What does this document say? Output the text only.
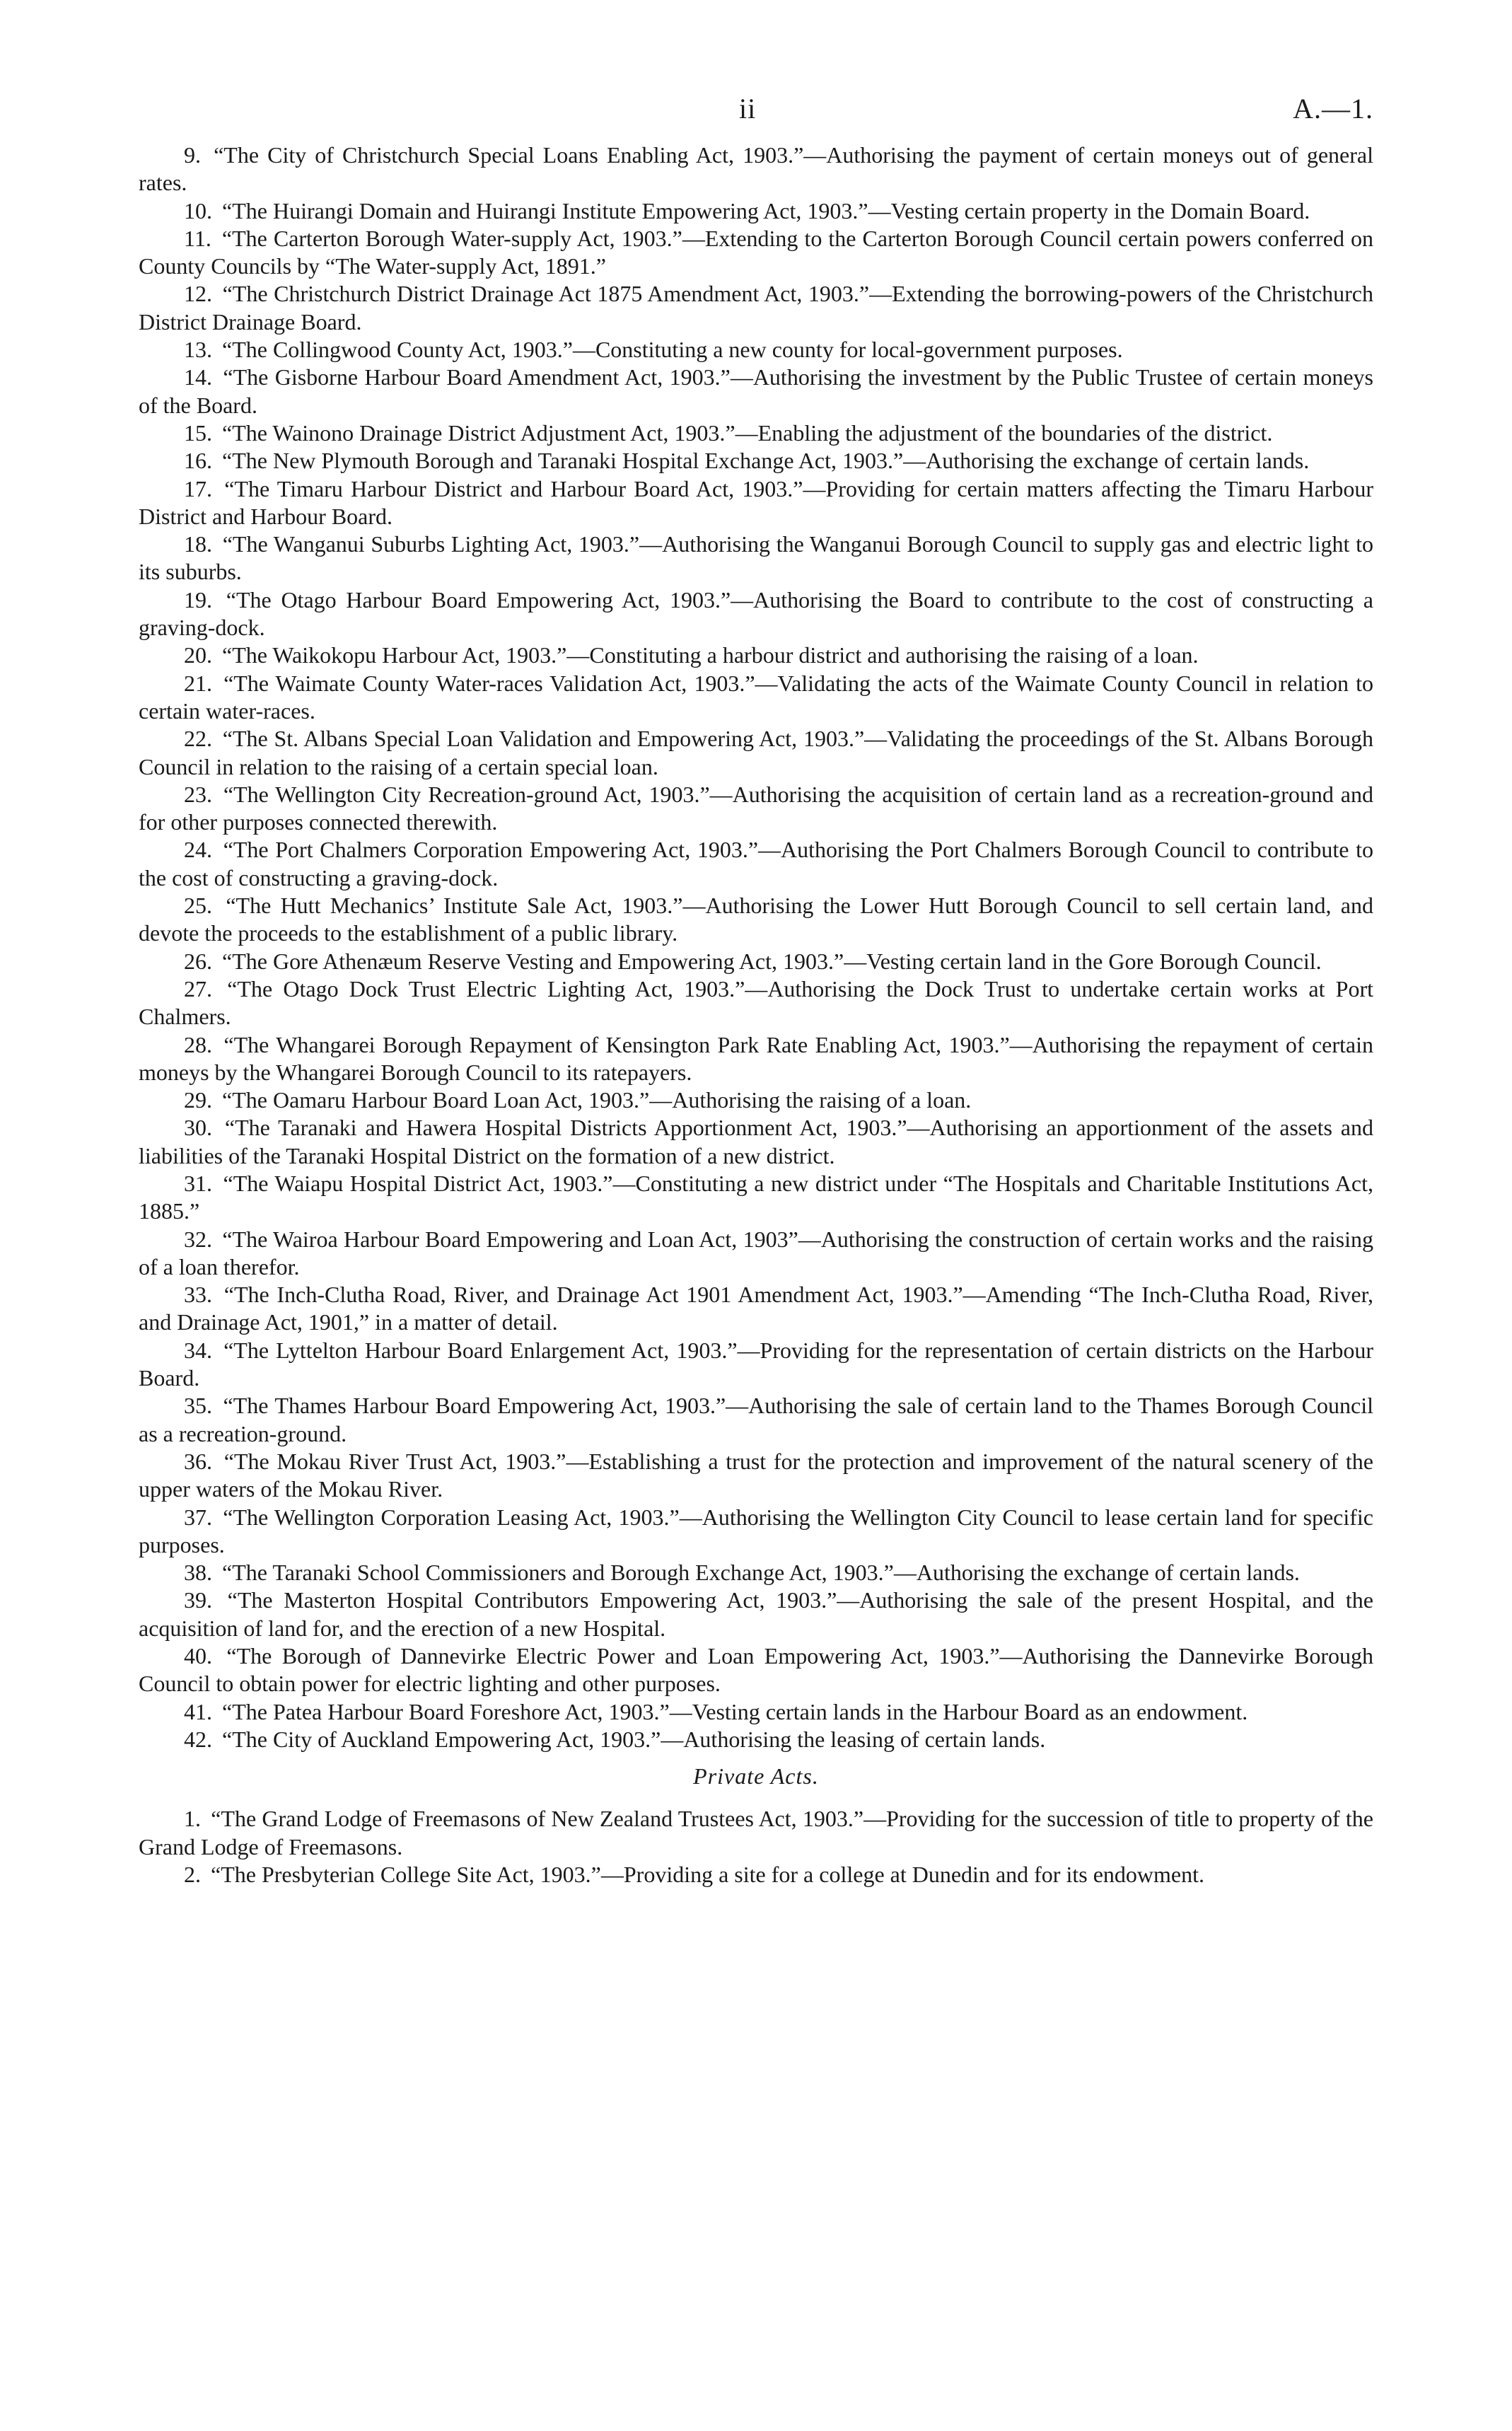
ii	A.—1.

9. “The City of Christchurch Special Loans Enabling Act, 1903.”—Authorising the payment of certain moneys out of general rates.

10. “The Huirangi Domain and Huirangi Institute Empowering Act, 1903.”—Vesting certain property in the Domain Board.

11. “The Carterton Borough Water-supply Act, 1903.”—Extending to the Carterton Borough Council certain powers conferred on County Councils by “The Water-supply Act, 1891.”

12. “The Christchurch District Drainage Act 1875 Amendment Act, 1903.”—Extending the borrowing-powers of the Christchurch District Drainage Board.

13. “The Collingwood County Act, 1903.”—Constituting a new county for local-government purposes.

14. “The Gisborne Harbour Board Amendment Act, 1903.”—Authorising the investment by the Public Trustee of certain moneys of the Board.

15. “The Wainono Drainage District Adjustment Act, 1903.”—Enabling the adjustment of the boundaries of the district.

16. “The New Plymouth Borough and Taranaki Hospital Exchange Act, 1903.”—Authorising the exchange of certain lands.

17. “The Timaru Harbour District and Harbour Board Act, 1903.”—Providing for certain matters affecting the Timaru Harbour District and Harbour Board.

18. “The Wanganui Suburbs Lighting Act, 1903.”—Authorising the Wanganui Borough Council to supply gas and electric light to its suburbs.

19. “The Otago Harbour Board Empowering Act, 1903.”—Authorising the Board to contribute to the cost of constructing a graving-dock.

20. “The Waikokopu Harbour Act, 1903.”—Constituting a harbour district and authorising the raising of a loan.

21. “The Waimate County Water-races Validation Act, 1903.”—Validating the acts of the Waimate County Council in relation to certain water-races.

22. “The St. Albans Special Loan Validation and Empowering Act, 1903.”—Validating the proceedings of the St. Albans Borough Council in relation to the raising of a certain special loan.

23. “The Wellington City Recreation-ground Act, 1903.”—Authorising the acquisition of certain land as a recreation-ground and for other purposes connected therewith.

24. “The Port Chalmers Corporation Empowering Act, 1903.”—Authorising the Port Chalmers Borough Council to contribute to the cost of constructing a graving-dock.

25. “The Hutt Mechanics’ Institute Sale Act, 1903.”—Authorising the Lower Hutt Borough Council to sell certain land, and devote the proceeds to the establishment of a public library.

26. “The Gore Athenæum Reserve Vesting and Empowering Act, 1903.”—Vesting certain land in the Gore Borough Council.

27. “The Otago Dock Trust Electric Lighting Act, 1903.”—Authorising the Dock Trust to undertake certain works at Port Chalmers.

28. “The Whangarei Borough Repayment of Kensington Park Rate Enabling Act, 1903.”—Authorising the repayment of certain moneys by the Whangarei Borough Council to its ratepayers.

29. “The Oamaru Harbour Board Loan Act, 1903.”—Authorising the raising of a loan.

30. “The Taranaki and Hawera Hospital Districts Apportionment Act, 1903.”—Authorising an apportionment of the assets and liabilities of the Taranaki Hospital District on the formation of a new district.

31. “The Waiapu Hospital District Act, 1903.”—Constituting a new district under “The Hospitals and Charitable Institutions Act, 1885.”

32. “The Wairoa Harbour Board Empowering and Loan Act, 1903”—Authorising the construction of certain works and the raising of a loan therefor.

33. “The Inch-Clutha Road, River, and Drainage Act 1901 Amendment Act, 1903.”—Amending “The Inch-Clutha Road, River, and Drainage Act, 1901,” in a matter of detail.

34. “The Lyttelton Harbour Board Enlargement Act, 1903.”—Providing for the representation of certain districts on the Harbour Board.

35. “The Thames Harbour Board Empowering Act, 1903.”—Authorising the sale of certain land to the Thames Borough Council as a recreation-ground.

36. “The Mokau River Trust Act, 1903.”—Establishing a trust for the protection and improvement of the natural scenery of the upper waters of the Mokau River.

37. “The Wellington Corporation Leasing Act, 1903.”—Authorising the Wellington City Council to lease certain land for specific purposes.

38. “The Taranaki School Commissioners and Borough Exchange Act, 1903.”—Authorising the exchange of certain lands.

39. “The Masterton Hospital Contributors Empowering Act, 1903.”—Authorising the sale of the present Hospital, and the acquisition of land for, and the erection of a new Hospital.

40. “The Borough of Dannevirke Electric Power and Loan Empowering Act, 1903.”—Authorising the Dannevirke Borough Council to obtain power for electric lighting and other purposes.

41. “The Patea Harbour Board Foreshore Act, 1903.”—Vesting certain lands in the Harbour Board as an endowment.

42. “The City of Auckland Empowering Act, 1903.”—Authorising the leasing of certain lands.

Private Acts.

1. “The Grand Lodge of Freemasons of New Zealand Trustees Act, 1903.”—Providing for the succession of title to property of the Grand Lodge of Freemasons.

2. “The Presbyterian College Site Act, 1903.”—Providing a site for a college at Dunedin and for its endowment.
